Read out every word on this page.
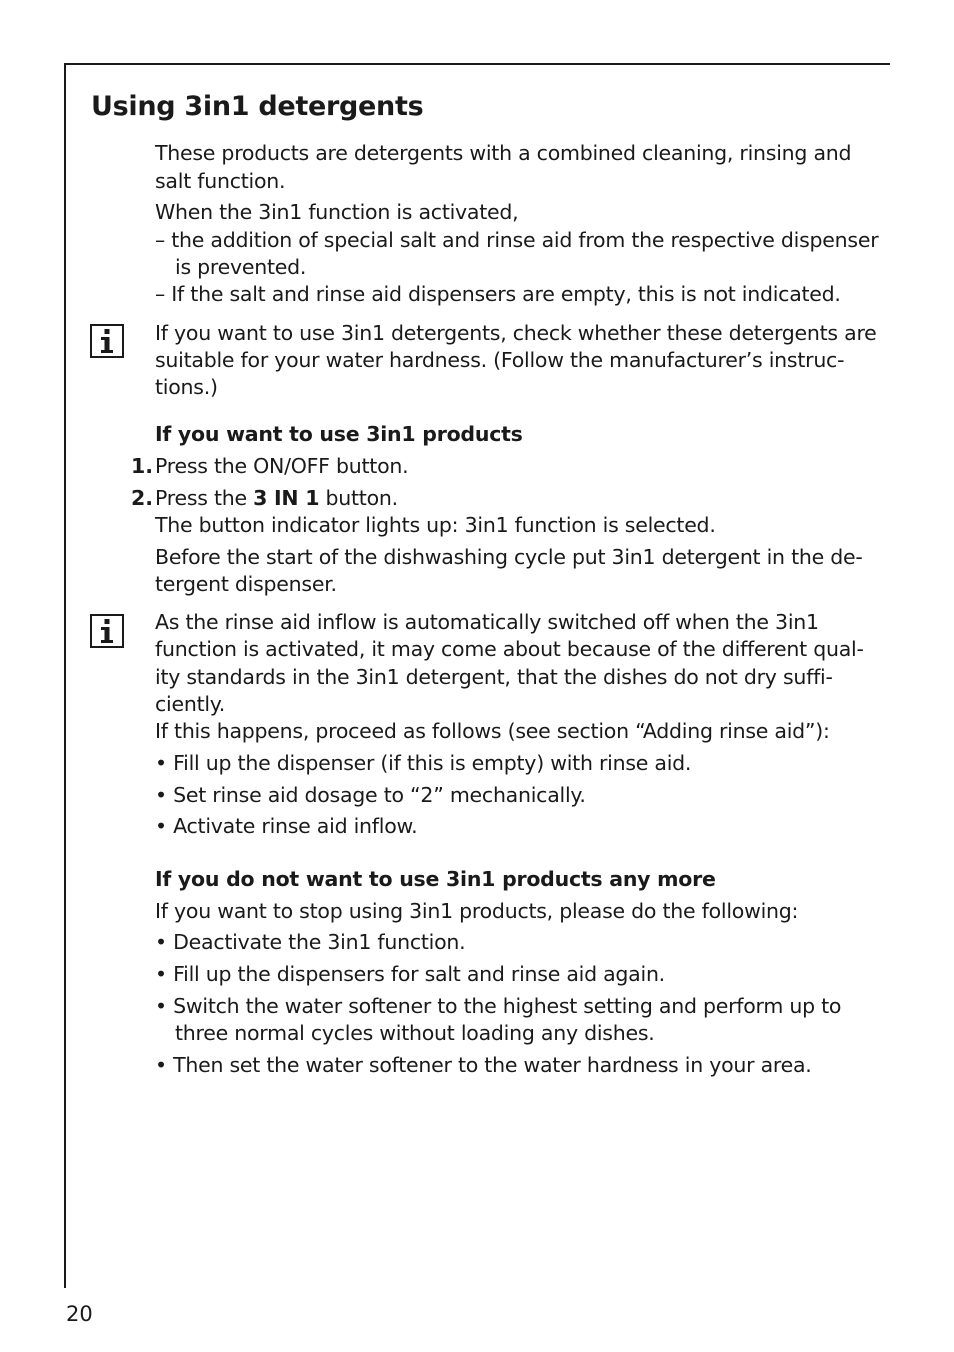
Using 3in1 detergents

These products are detergents with a combined cleaning, rinsing and

salt function.

When the 3in1 function is activated,

– the addition of special salt and rinse aid from the respective dispenser

is prevented.

– If the salt and rinse aid dispensers are empty, this is not indicated.

If you want to use 3in1 detergents, check whether these detergents are

suitable for your water hardness. (Follow the manufacturer’s instruc-

tions.)

If you want to use 3in1 products

1. Press the ON/OFF button.

2. Press the 3 IN 1 button.

The button indicator lights up: 3in1 function is selected.

Before the start of the dishwashing cycle put 3in1 detergent in the de-

tergent dispenser.

As the rinse aid inflow is automatically switched off when the 3in1

function is activated, it may come about because of the different qual-

ity standards in the 3in1 detergent, that the dishes do not dry suffi-

ciently.

If this happens, proceed as follows (see section “Adding rinse aid”):

• Fill up the dispenser (if this is empty) with rinse aid.

• Set rinse aid dosage to “2” mechanically.

• Activate rinse aid inflow.

If you do not want to use 3in1 products any more

If you want to stop using 3in1 products, please do the following:

• Deactivate the 3in1 function.

• Fill up the dispensers for salt and rinse aid again.

• Switch the water softener to the highest setting and perform up to

three normal cycles without loading any dishes.

• Then set the water softener to the water hardness in your area.

20
